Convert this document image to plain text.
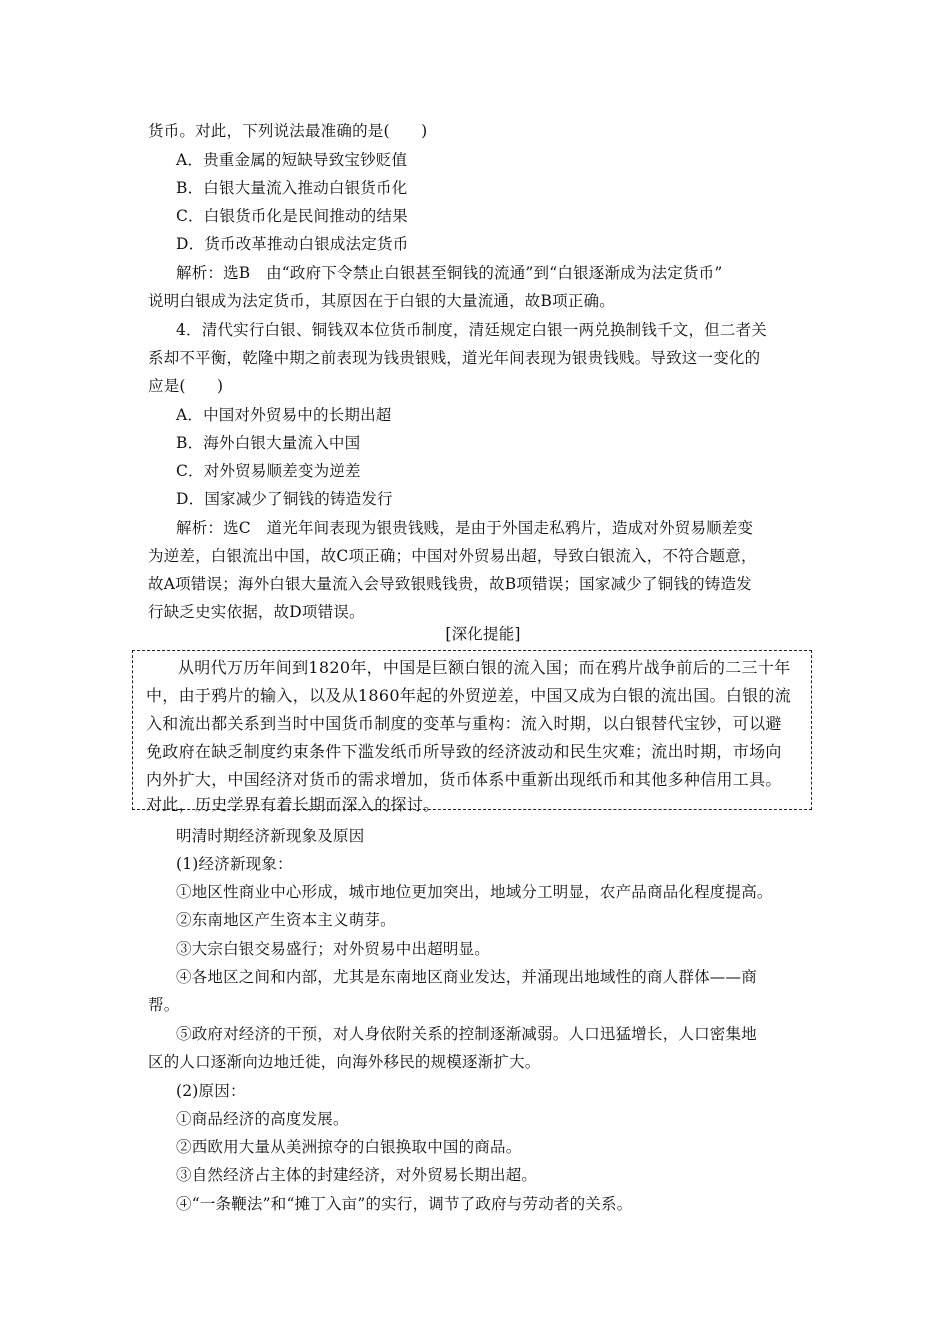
货币。对此，下列说法最准确的是(　　)
A．贵重金属的短缺导致宝钞贬值
B．白银大量流入推动白银货币化
C．白银货币化是民间推动的结果
D．货币改革推动白银成法定货币
解析：选B　由“政府下令禁止白银甚至铜钱的流通”到“白银逐渐成为法定货币”
说明白银成为法定货币，其原因在于白银的大量流通，故B项正确。
4．清代实行白银、铜钱双本位货币制度，清廷规定白银一两兑换制钱千文，但二者关
系却不平衡，乾隆中期之前表现为钱贵银贱，道光年间表现为银贵钱贱。导致这一变化的
应是(　　)
A．中国对外贸易中的长期出超
B．海外白银大量流入中国
C．对外贸易顺差变为逆差
D．国家减少了铜钱的铸造发行
解析：选C　道光年间表现为银贵钱贱，是由于外国走私鸦片，造成对外贸易顺差变
为逆差，白银流出中国，故C项正确；中国对外贸易出超，导致白银流入，不符合题意，
故A项错误；海外白银大量流入会导致银贱钱贵，故B项错误；国家减少了铜钱的铸造发
行缺乏史实依据，故D项错误。
[深化提能]
从明代万历年间到1820年，中国是巨额白银的流入国；而在鸦片战争前后的二三十年
中，由于鸦片的输入，以及从1860年起的外贸逆差，中国又成为白银的流出国。白银的流
入和流出都关系到当时中国货币制度的变革与重构：流入时期，以白银替代宝钞，可以避
免政府在缺乏制度约束条件下滥发纸币所导致的经济波动和民生灾难；流出时期，市场向
内外扩大，中国经济对货币的需求增加，货币体系中重新出现纸币和其他多种信用工具。
对此，历史学界有着长期而深入的探讨。
明清时期经济新现象及原因
(1)经济新现象：
①地区性商业中心形成，城市地位更加突出，地域分工明显，农产品商品化程度提高。
②东南地区产生资本主义萌芽。
③大宗白银交易盛行；对外贸易中出超明显。
④各地区之间和内部，尤其是东南地区商业发达，并涌现出地域性的商人群体——商
帮。
⑤政府对经济的干预，对人身依附关系的控制逐渐减弱。人口迅猛增长，人口密集地
区的人口逐渐向边地迁徙，向海外移民的规模逐渐扩大。
(2)原因：
①商品经济的高度发展。
②西欧用大量从美洲掠夺的白银换取中国的商品。
③自然经济占主体的封建经济，对外贸易长期出超。
④“一条鞭法”和“摊丁入亩”的实行，调节了政府与劳动者的关系。
